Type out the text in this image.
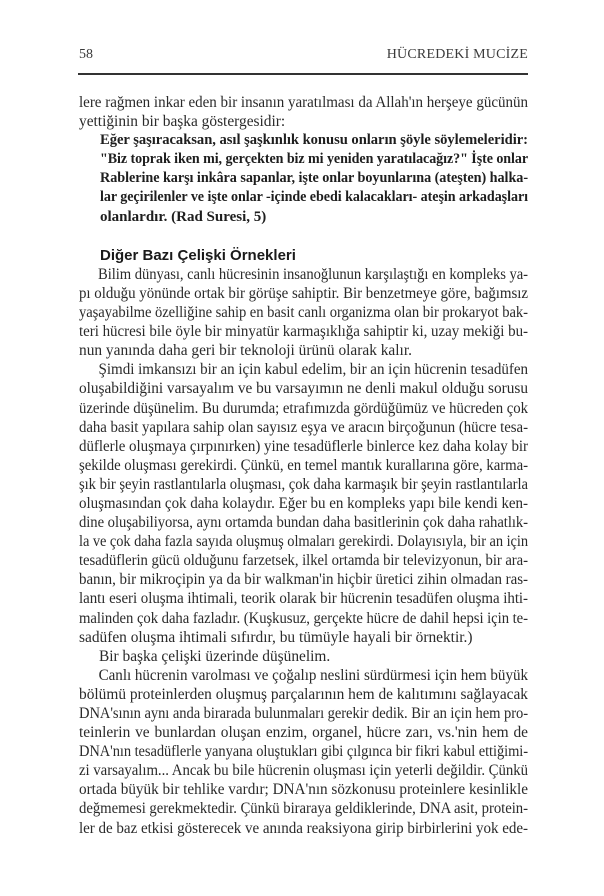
58	HÜCREDEKİ MUCİZE

lere rağmen inkar eden bir insanın yaratılması da Allah'ın herşeye gücünün
yettiğinin bir başka göstergesidir:

Eğer şaşıracaksan, asıl şaşkınlık konusu onların şöyle söylemeleridir:
"Biz toprak iken mi, gerçekten biz mi yeniden yaratılacağız?" İşte onlar
Rablerine karşı inkâra sapanlar, işte onlar boyunlarına (ateşten) halka-
lar geçirilenler ve işte onlar -içinde ebedi kalacakları- ateşin arkadaşları
olanlardır. (Rad Suresi, 5)
Diğer Bazı Çelişki Örnekleri

Bilim dünyası, canlı hücresinin insanoğlunun karşılaştığı en kompleks ya-
pı olduğu yönünde ortak bir görüşe sahiptir. Bir benzetmeye göre, bağımsız
yaşayabilme özelliğine sahip en basit canlı organizma olan bir prokaryot bak-
teri hücresi bile öyle bir minyatür karmaşıklığa sahiptir ki, uzay mekiği bu-
nun yanında daha geri bir teknoloji ürünü olarak kalır.

Şimdi imkansızı bir an için kabul edelim, bir an için hücrenin tesadüfen
oluşabildiğini varsayalım ve bu varsayımın ne denli makul olduğu sorusu
üzerinde düşünelim. Bu durumda; etrafımızda gördüğümüz ve hücreden çok
daha basit yapılara sahip olan sayısız eşya ve aracın birçoğunun (hücre tesa-
düflerle oluşmaya çırpınırken) yine tesadüflerle binlerce kez daha kolay bir
şekilde oluşması gerekirdi. Çünkü, en temel mantık kurallarına göre, karma-
şık bir şeyin rastlantılarla oluşması, çok daha karmaşık bir şeyin rastlantılarla
oluşmasından çok daha kolaydır. Eğer bu en kompleks yapı bile kendi ken-
dine oluşabiliyorsa, aynı ortamda bundan daha basitlerinin çok daha rahatlık-
la ve çok daha fazla sayıda oluşmuş olmaları gerekirdi. Dolayısıyla, bir an için
tesadüflerin gücü olduğunu farzetsek, ilkel ortamda bir televizyonun, bir ara-
banın, bir mikroçipin ya da bir walkman'in hiçbir üretici zihin olmadan ras-
lantı eseri oluşma ihtimali, teorik olarak bir hücrenin tesadüfen oluşma ihti-
malinden çok daha fazladır. (Kuşkusuz, gerçekte hücre de dahil hepsi için te-
sadüfen oluşma ihtimali sıfırdır, bu tümüyle hayali bir örnektir.)

Bir başka çelişki üzerinde düşünelim.

Canlı hücrenin varolması ve çoğalıp neslini sürdürmesi için hem büyük
bölümü proteinlerden oluşmuş parçalarının hem de kalıtımını sağlayacak
DNA'sının aynı anda birarada bulunmaları gerekir dedik. Bir an için hem pro-
teinlerin ve bunlardan oluşan enzim, organel, hücre zarı, vs.'nin hem de
DNA'nın tesadüflerle yanyana oluştukları gibi çılgınca bir fikri kabul ettiğimi-
zi varsayalım... Ancak bu bile hücrenin oluşması için yeterli değildir. Çünkü
ortada büyük bir tehlike vardır; DNA'nın sözkonusu proteinlere kesinlikle
değmemesi gerekmektedir. Çünkü biraraya geldiklerinde, DNA asit, protein-
ler de baz etkisi gösterecek ve anında reaksiyona girip birbirlerini yok ede-
